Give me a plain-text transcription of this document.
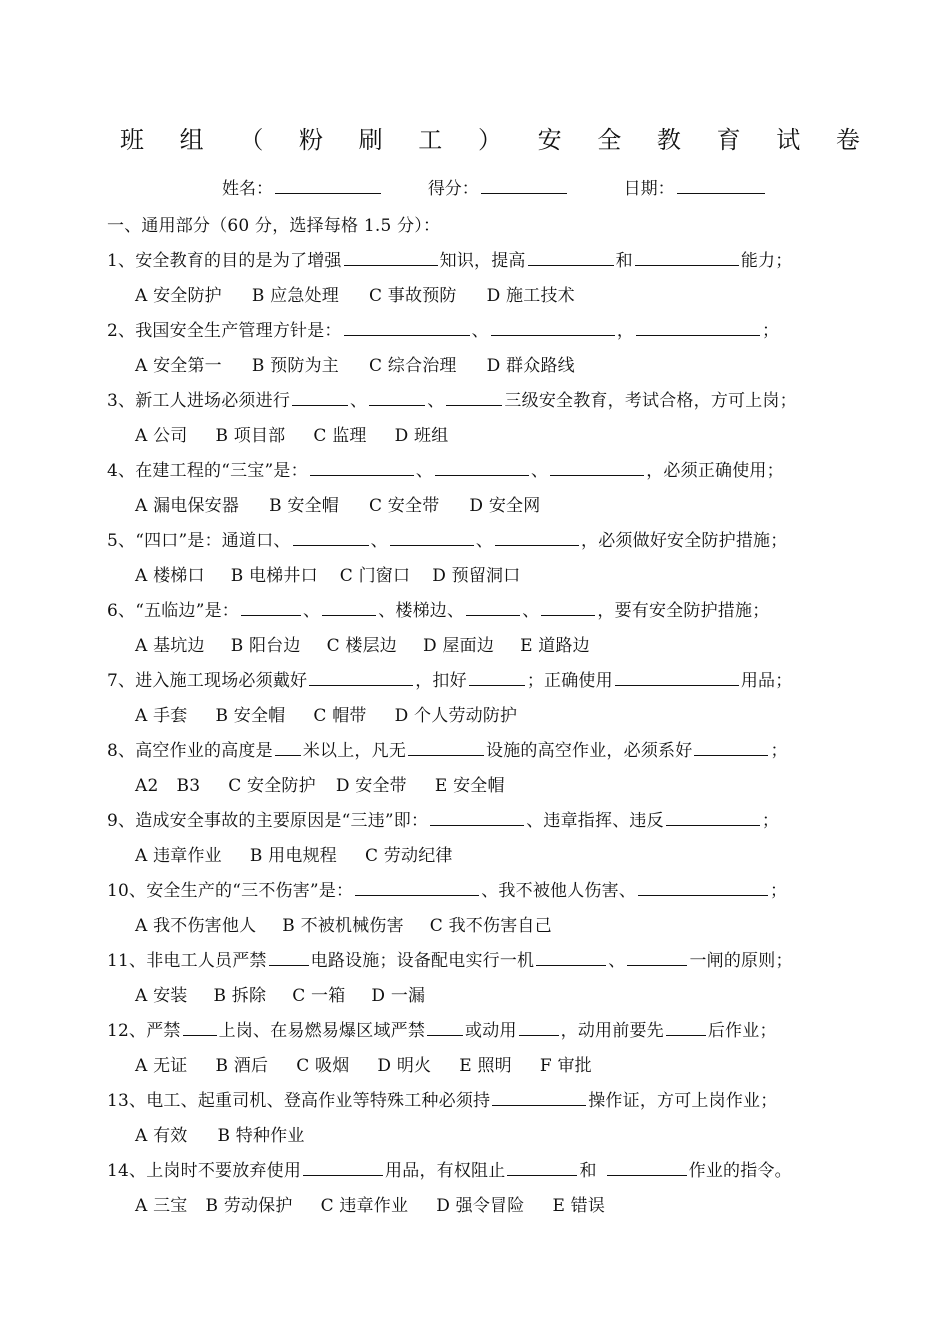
班 组 （ 粉 刷 工 ） 安 全 教 育 试 卷
姓名：	得分：	日期：
一、通用部分（60 分，选择每格 1.5 分）：
1、安全教育的目的是为了增强	知识，提高	和	能力；
A 安全防护 B 应急处理 C 事故预防 D 施工技术
2、我国安全生产管理方针是：	、	，	；
A 安全第一 B 预防为主 C 综合治理 D 群众路线
3、新工人进场必须进行	、	、	三级安全教育，考试合格，方可上岗；
A 公司 B 项目部 C 监理 D 班组
4、在建工程的“三宝”是：	、	、	，必须正确使用；
A 漏电保安器 B 安全帽 C 安全带 D 安全网
5、“四口”是：通道口、	、	、	，必须做好安全防护措施；
A 楼梯口 B 电梯井口 C 门窗口 D 预留洞口
6、“五临边”是：	、	、楼梯边、	、	，要有安全防护措施；
A 基坑边 B 阳台边 C 楼层边 D 屋面边 E 道路边
7、进入施工现场必须戴好	，扣好	；正确使用	用品；
A 手套 B 安全帽 C 帽带 D 个人劳动防护
8、高空作业的高度是 米以上，凡无	设施的高空作业，必须系好	；
A2 B3 C 安全防护 D 安全带 E 安全帽
9、造成安全事故的主要原因是“三违”即：	、违章指挥、违反	；
A 违章作业 B 用电规程 C 劳动纪律
10、安全生产的“三不伤害”是：	、我不被他人伤害、	；
A 我不伤害他人 B 不被机械伤害 C 我不伤害自己
11、非电工人员严禁	电路设施；设备配电实行一机	、	一闸的原则；
A 安装 B 拆除 C 一箱 D 一漏
12、严禁 上岗、在易燃易爆区域严禁 或动用	，动用前要先	后作业；
A 无证 B 酒后 C 吸烟 D 明火 E 照明 F 审批
13、电工、起重司机、登高作业等特殊工种必须持	操作证，方可上岗作业；
A 有效 B 特种作业
14、上岗时不要放弃使用	用品，有权阻止	和	作业的指令。
A 三宝 B 劳动保护 C 违章作业 D 强令冒险 E 错误
